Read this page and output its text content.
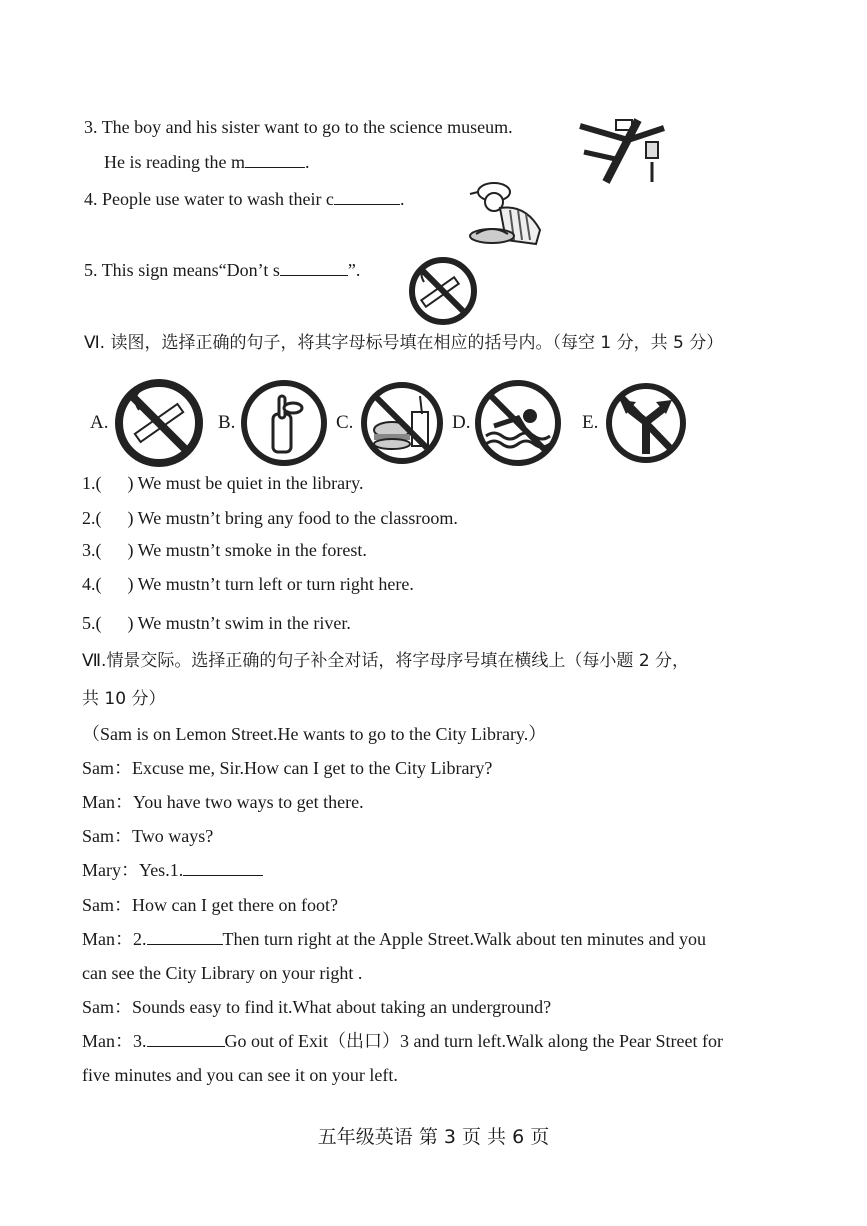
3. The boy and his sister want to go to the science museum.
He is reading the m	.
4. People use water to wash their c	.
5. This sign means“Don’t s	”.
Ⅵ. 读图，选择正确的句子，将其字母标号填在相应的括号内。（每空 1 分，共 5 分）
A.	B.	C.	D.	E.
1.( ) We must be quiet in the library.
2.( ) We mustn’t bring any food to the classroom.
3.( ) We mustn’t smoke in the forest.
4.( ) We mustn’t turn left or turn right here.
5.( ) We mustn’t swim in the river.
Ⅶ.情景交际。选择正确的句子补全对话，将字母序号填在横线上（每小题 2 分，
共 10 分）
（Sam is on Lemon Street.He wants to go to the City Library.）
Sam：Excuse me, Sir.How can I get to the City Library?
Man：You have two ways to get there.
Sam：Two ways?
Mary：Yes.1.
Sam：How can I get there on foot?
Man：2.	Then turn right at the Apple Street.Walk about ten minutes and you
can see the City Library on your right .
Sam：Sounds easy to find it.What about taking an underground?
Man：3.	Go out of Exit（出口）3 and turn left.Walk along the Pear Street for
five minutes and you can see it on your left.
五年级英语 第 3 页 共 6 页
